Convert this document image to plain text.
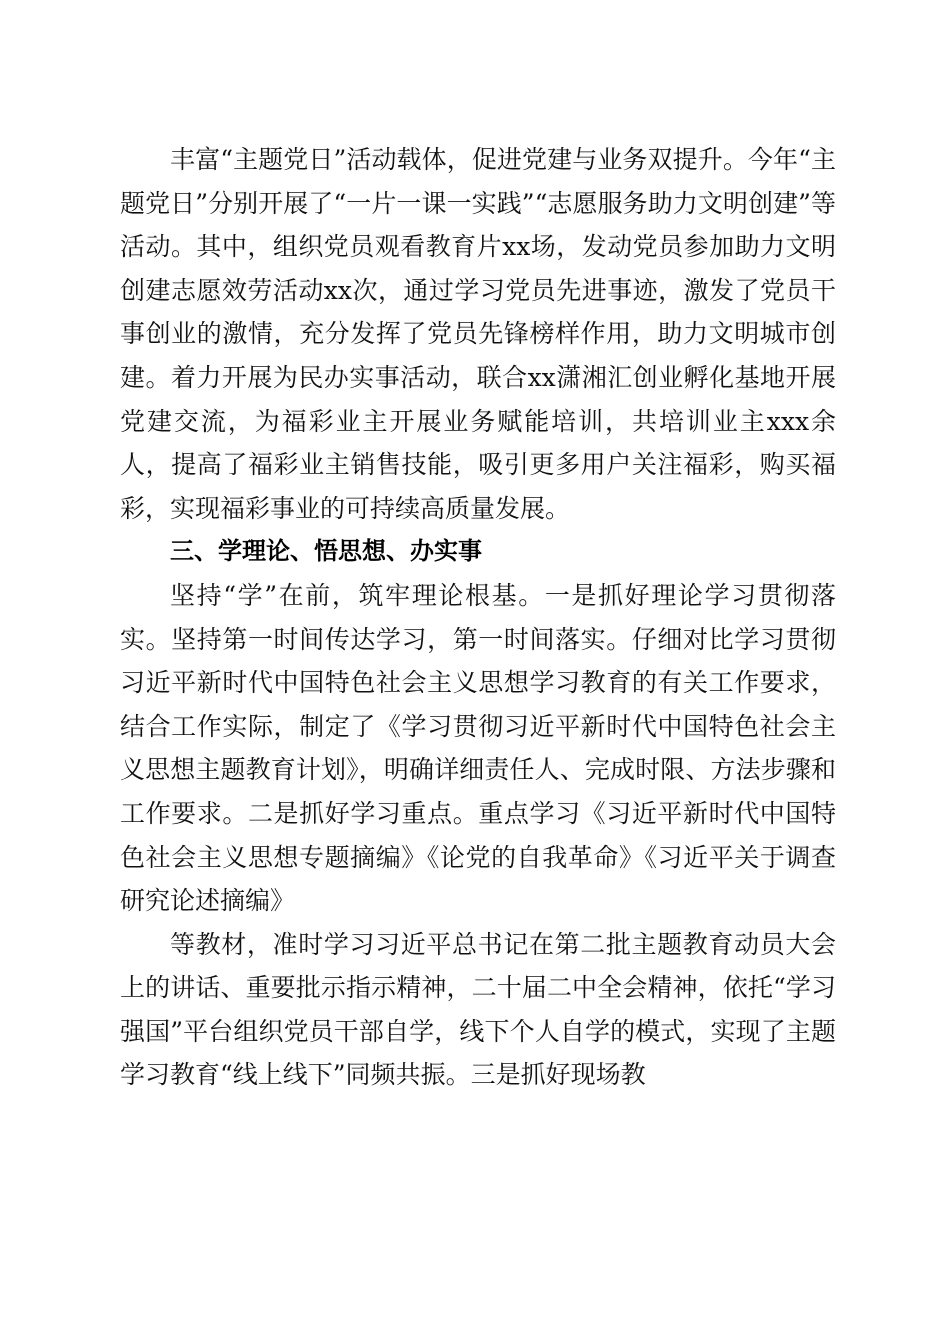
丰富“主题党日”活动载体，促进党建与业务双提升。今年“主题党日”分别开展了“一片一课一实践”“志愿服务助力文明创建”等活动。其中，组织党员观看教育片xx场，发动党员参加助力文明创建志愿效劳活动xx次，通过学习党员先进事迹，激发了党员干事创业的激情，充分发挥了党员先锋榜样作用，助力文明城市创建。着力开展为民办实事活动，联合xx潇湘汇创业孵化基地开展党建交流，为福彩业主开展业务赋能培训，共培训业主xxx余人，提高了福彩业主销售技能，吸引更多用户关注福彩，购买福彩，实现福彩事业的可持续高质量发展。

三、学理论、悟思想、办实事

坚持“学”在前，筑牢理论根基。一是抓好理论学习贯彻落实。坚持第一时间传达学习，第一时间落实。仔细对比学习贯彻习近平新时代中国特色社会主义思想学习教育的有关工作要求，结合工作实际，制定了《学习贯彻习近平新时代中国特色社会主义思想主题教育计划》，明确详细责任人、完成时限、方法步骤和工作要求。二是抓好学习重点。重点学习《习近平新时代中国特色社会主义思想专题摘编》《论党的自我革命》《习近平关于调查研究论述摘编》

等教材，准时学习习近平总书记在第二批主题教育动员大会上的讲话、重要批示指示精神，二十届二中全会精神，依托“学习强国”平台组织党员干部自学，线下个人自学的模式，实现了主题学习教育“线上线下”同频共振。三是抓好现场教
